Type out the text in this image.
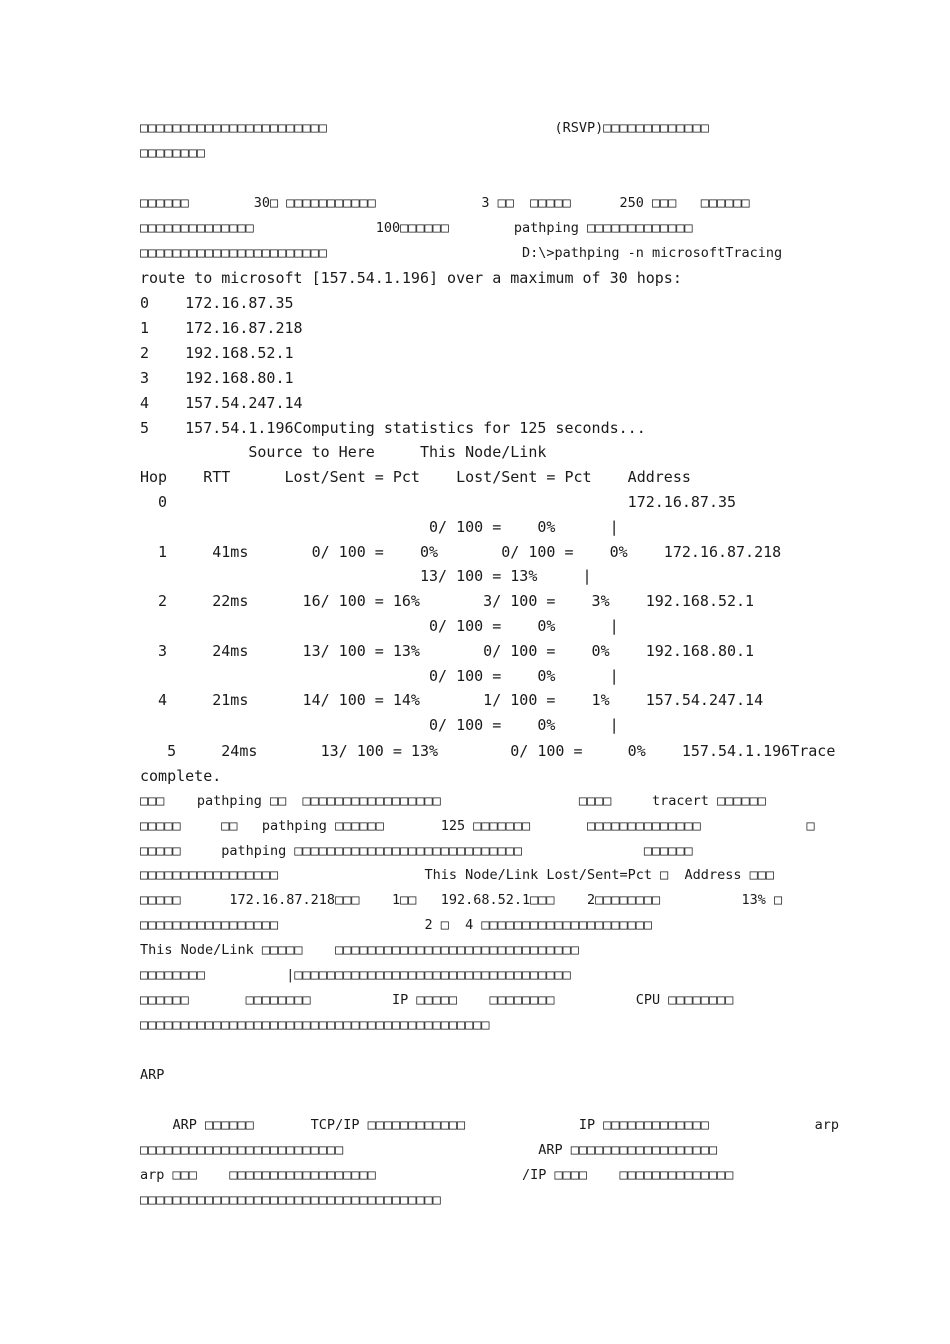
□□□□□□□□□□□□□□□□□□□□□□□                            (RSVP)□□□□□□□□□□□□□
□□□□□□□□
□□□□□□        30□ □□□□□□□□□□□             3 □□  □□□□□      250 □□□   □□□□□□
□□□□□□□□□□□□□□               100□□□□□□        pathping □□□□□□□□□□□□□
□□□□□□□□□□□□□□□□□□□□□□□                        D:\>pathping -n microsoftTracing
route to microsoft [157.54.1.196] over a maximum of 30 hops:
0    172.16.87.35
1    172.16.87.218
2    192.168.52.1
3    192.168.80.1
4    157.54.247.14
5    157.54.1.196Computing statistics for 125 seconds...
Source to Here     This Node/Link
Hop    RTT      Lost/Sent = Pct    Lost/Sent = Pct    Address
0                                                   172.16.87.35
0/ 100 =    0%      |
1     41ms       0/ 100 =    0%       0/ 100 =    0%    172.16.87.218
13/ 100 = 13%     |
2     22ms      16/ 100 = 16%       3/ 100 =    3%    192.168.52.1
0/ 100 =    0%      |
3     24ms      13/ 100 = 13%       0/ 100 =    0%    192.168.80.1
0/ 100 =    0%      |
4     21ms      14/ 100 = 14%       1/ 100 =    1%    157.54.247.14
0/ 100 =    0%      |
5     24ms       13/ 100 = 13%        0/ 100 =     0%    157.54.1.196Trace
complete.
□□□    pathping □□  □□□□□□□□□□□□□□□□□                 □□□□     tracert □□□□□□
□□□□□     □□   pathping □□□□□□       125 □□□□□□□       □□□□□□□□□□□□□□             □
□□□□□     pathping □□□□□□□□□□□□□□□□□□□□□□□□□□□□               □□□□□□
□□□□□□□□□□□□□□□□□                  This Node/Link Lost/Sent=Pct □  Address □□□
□□□□□      172.16.87.218□□□    1□□   192.68.52.1□□□    2□□□□□□□□          13% □
□□□□□□□□□□□□□□□□□                  2 □  4 □□□□□□□□□□□□□□□□□□□□□
This Node/Link □□□□□    □□□□□□□□□□□□□□□□□□□□□□□□□□□□□□
□□□□□□□□          |□□□□□□□□□□□□□□□□□□□□□□□□□□□□□□□□□□
□□□□□□       □□□□□□□□          IP □□□□□    □□□□□□□□          CPU □□□□□□□□
□□□□□□□□□□□□□□□□□□□□□□□□□□□□□□□□□□□□□□□□□□□
ARP
ARP □□□□□□       TCP/IP □□□□□□□□□□□□              IP □□□□□□□□□□□□□             arp
□□□□□□□□□□□□□□□□□□□□□□□□□                        ARP □□□□□□□□□□□□□□□□□□
arp □□□    □□□□□□□□□□□□□□□□□□                  /IP □□□□    □□□□□□□□□□□□□□
□□□□□□□□□□□□□□□□□□□□□□□□□□□□□□□□□□□□□
